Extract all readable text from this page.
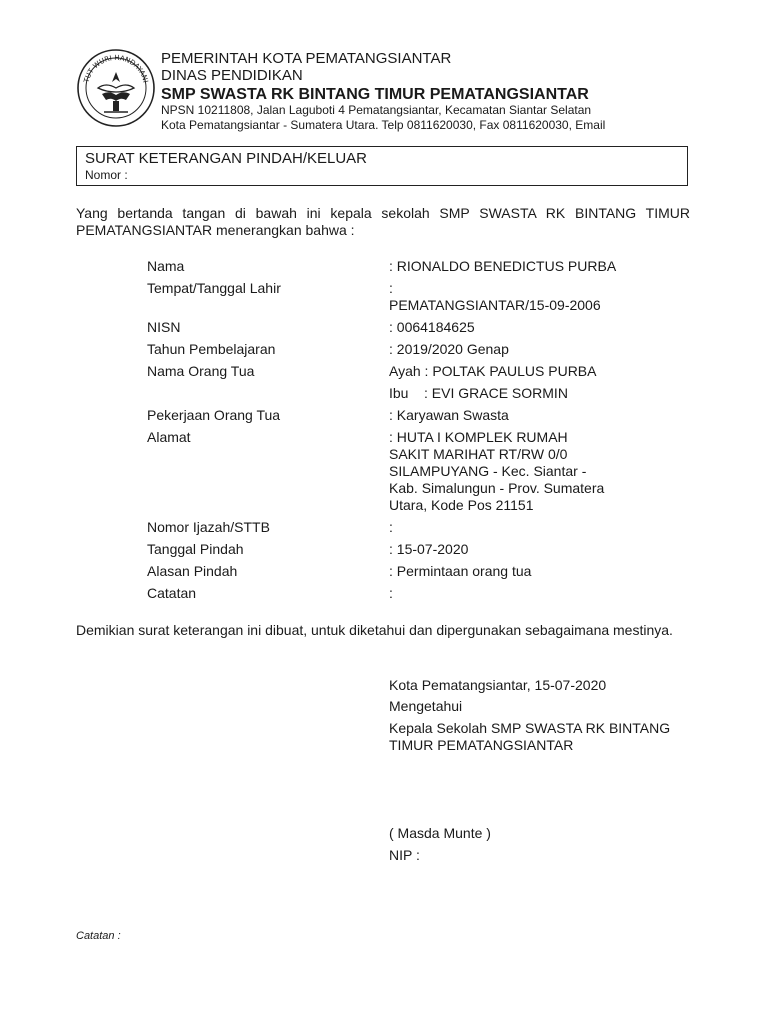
TUT WURI HANDAYANI
PEMERINTAH KOTA PEMATANGSIANTAR
DINAS PENDIDIKAN
SMP SWASTA RK BINTANG TIMUR PEMATANGSIANTAR
NPSN 10211808, Jalan Laguboti 4 Pematangsiantar, Kecamatan Siantar Selatan
Kota Pematangsiantar - Sumatera Utara. Telp 0811620030, Fax 0811620030, Email
SURAT KETERANGAN PINDAH/KELUAR
Nomor :
Yang bertanda tangan di bawah ini kepala sekolah SMP SWASTA RK BINTANG TIMUR PEMATANGSIANTAR menerangkan bahwa :
Nama	: RIONALDO BENEDICTUS PURBA
Tempat/Tanggal Lahir	:
PEMATANGSIANTAR/15-09-2006
NISN	: 0064184625
Tahun Pembelajaran	: 2019/2020 Genap
Nama Orang Tua	Ayah : POLTAK PAULUS PURBA
Ibu    : EVI GRACE SORMIN
Pekerjaan Orang Tua	: Karyawan Swasta
Alamat	: HUTA I KOMPLEK RUMAH
SAKIT MARIHAT RT/RW 0/0
SILAMPUYANG - Kec. Siantar -
Kab. Simalungun - Prov. Sumatera
Utara, Kode Pos 21151
Nomor Ijazah/STTB	:
Tanggal Pindah	: 15-07-2020
Alasan Pindah	: Permintaan orang tua
Catatan	:
Demikian surat keterangan ini dibuat, untuk diketahui dan dipergunakan sebagaimana mestinya.
Kota Pematangsiantar, 15-07-2020
Mengetahui
Kepala Sekolah SMP SWASTA RK BINTANG
TIMUR PEMATANGSIANTAR
( Masda Munte )
NIP :
Catatan :
